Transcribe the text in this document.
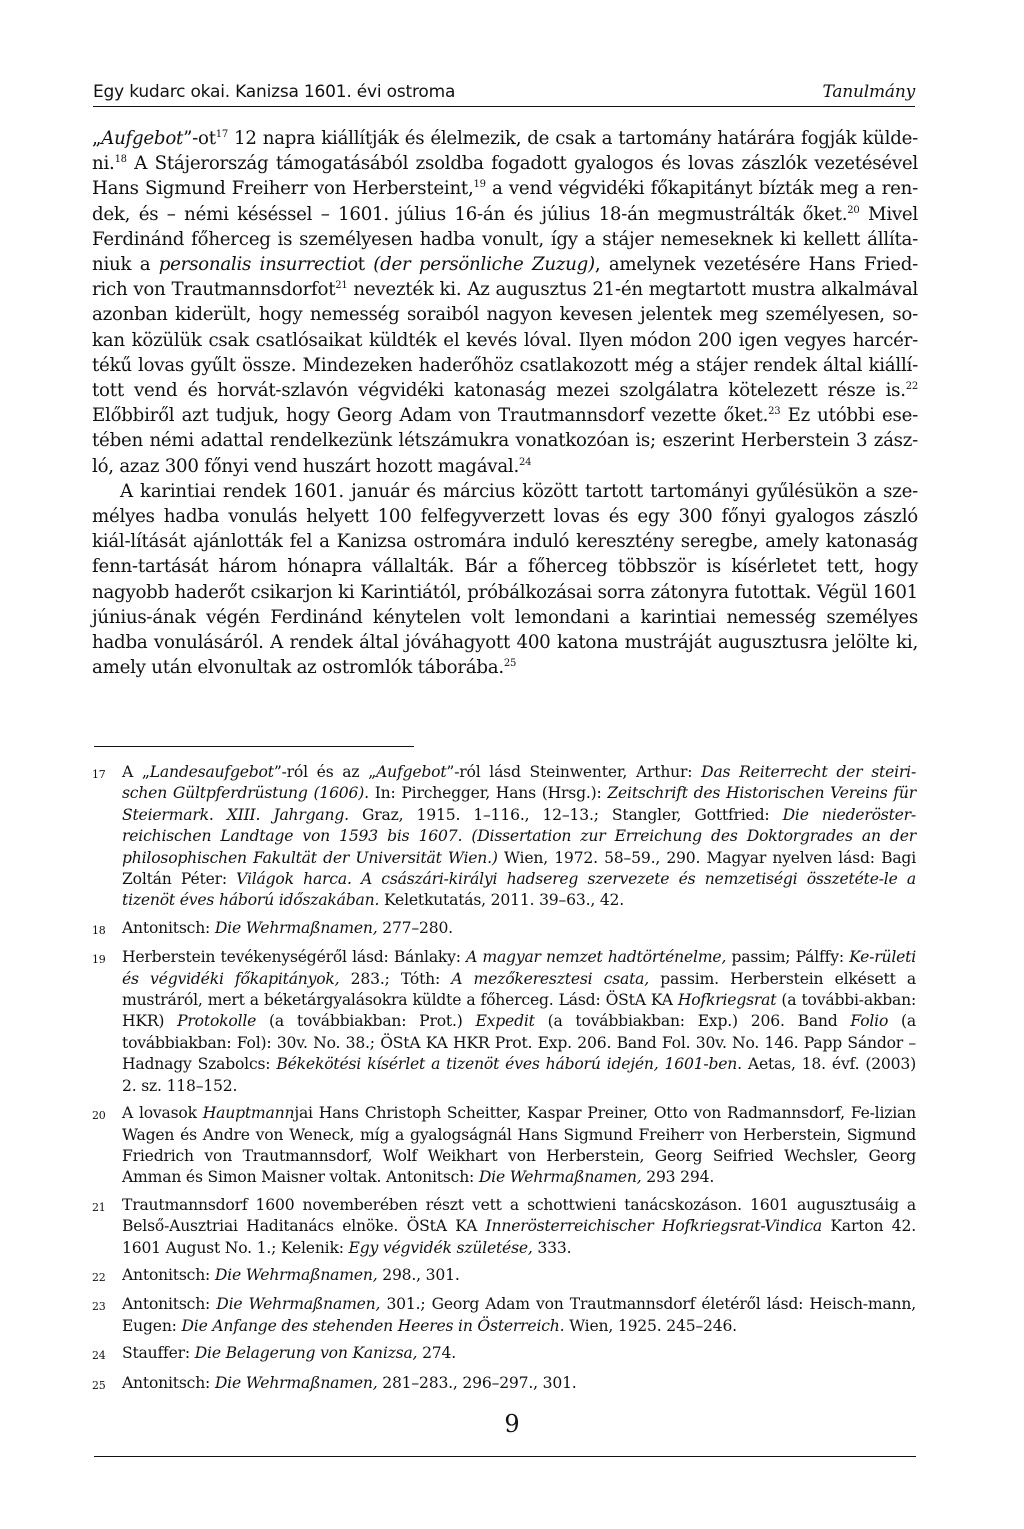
Egy kudarc okai. Kanizsa 1601. évi ostroma	Tanulmány

$„Aufgebot”-ot^{17}$ 12 napra kiállítják és élelmezik, de csak a tartomány határára fogják külde-ni.$^{18}$ A Stájerország támogatásából zsoldba fogadott gyalogos és lovas zászlók vezetésével Hans Sigmund Freiherr von Herbersteint,$^{19}$ a vend végvidéki főkapitányt bízták meg a ren-dek, és – némi késéssel – 1601. július 16-án és július 18-án megmustrálták őket.$^{20}$ Mivel Ferdinánd főherceg is személyesen hadba vonult, így a stájer nemeseknek ki kellett állíta-niuk a personalis insurrectiot (der persönliche Zuzug), amelynek vezetésére Hans Fried-rich von Trautmannsdorfot$^{21}$ nevezték ki. Az augusztus 21-én megtartott mustra alkalmával azonban kiderült, hogy nemesség soraiból nagyon kevesen jelentek meg személyesen, so-kan közülük csak csatlósaikat küldték el kevés lóval. Ilyen módon 200 igen vegyes harcér-tékű lovas gyűlt össze. Mindezeken haderőhöz csatlakozott még a stájer rendek által kiállí-tott vend és horvát-szlavón végvidéki katonaság mezei szolgálatra kötelezett része is.$^{22}$ Előbbiről azt tudjuk, hogy Georg Adam von Trautmannsdorf vezette őket.$^{23}$ Ez utóbbi ese-tében némi adattal rendelkezünk létszámukra vonatkozóan is; eszerint Herberstein 3 zász-ló, azaz 300 főnyi vend huszárt hozott magával.$^{24}$

A karintiai rendek 1601. január és március között tartott tartományi gyűlésükön a sze-mélyes hadba vonulás helyett 100 felfegyverzett lovas és egy 300 főnyi gyalogos zászló kiál-lítását ajánlották fel a Kanizsa ostromára induló keresztény seregbe, amely katonaság fenn-tartását három hónapra vállalták. Bár a főherceg többször is kísérletet tett, hogy nagyobb haderőt csikarjon ki Karintiától, próbálkozásai sorra zátonyra futottak. Végül 1601 június-ának végén Ferdinánd kénytelen volt lemondani a karintiai nemesség személyes hadba vonulásáról. A rendek által jóváhagyott 400 katona mustráját augusztusra jelölte ki, amely után elvonultak az ostromlók táborába.$^{25}$

17	A „Landesaufgebot”-ról és az „Aufgebot”-ról lásd Steinwenter, Arthur: Das Reiterrecht der steiri-schen Gültpferdrüstung (1606). In: Pirchegger, Hans (Hrsg.): Zeitschrift des Historischen Vereins für Steiermark. XIII. Jahrgang. Graz, 1915. 1–116., 12–13.; Stangler, Gottfried: Die niederöster-reichischen Landtage von 1593 bis 1607. (Dissertation zur Erreichung des Doktorgrades an der philosophischen Fakultät der Universität Wien.) Wien, 1972. 58–59., 290. Magyar nyelven lásd: Bagi Zoltán Péter: Világok harca. A császári-királyi hadsereg szervezete és nemzetiségi összetéte-le a tizenöt éves háború időszakában. Keletkutatás, 2011. 39–63., 42.
18	Antonitsch: Die Wehrmaßnamen, 277–280.
19	Herberstein tevékenységéről lásd: Bánlaky: A magyar nemzet hadtörténelme, passim; Pálffy: Ke-rületi és végvidéki főkapitányok, 283.; Tóth: A mezőkeresztesi csata, passim. Herberstein elkésett a mustráról, mert a béketárgyalásokra küldte a főherceg. Lásd: ÖStA KA Hofkriegsrat (a további-akban: HKR) Protokolle (a továbbiakban: Prot.) Expedit (a továbbiakban: Exp.) 206. Band Folio (a továbbiakban: Fol): 30v. No. 38.; ÖStA KA HKR Prot. Exp. 206. Band Fol. 30v. No. 146. Papp Sándor – Hadnagy Szabolcs: Békekötési kísérlet a tizenöt éves háború idején, 1601-ben. Aetas, 18. évf. (2003) 2. sz. 118–152.
20	A lovasok Hauptmannjai Hans Christoph Scheitter, Kaspar Preiner, Otto von Radmannsdorf, Fe-lizian Wagen és Andre von Weneck, míg a gyalogságnál Hans Sigmund Freiherr von Herberstein, Sigmund Friedrich von Trautmannsdorf, Wolf Weikhart von Herberstein, Georg Seifried Wechsler, Georg Amman és Simon Maisner voltak. Antonitsch: Die Wehrmaßnamen, 293 294.
21	Trautmannsdorf 1600 novemberében részt vett a schottwieni tanácskozáson. 1601 augusztusáig a Belső-Ausztriai Haditanács elnöke. ÖStA KA Innerösterreichischer Hofkriegsrat-Vindica Karton 42. 1601 August No. 1.; Kelenik: Egy végvidék születése, 333.
22	Antonitsch: Die Wehrmaßnamen, 298., 301.
23	Antonitsch: Die Wehrmaßnamen, 301.; Georg Adam von Trautmannsdorf életéről lásd: Heisch-mann, Eugen: Die Anfange des stehenden Heeres in Österreich. Wien, 1925. 245–246.
24	Stauffer: Die Belagerung von Kanizsa, 274.
25	Antonitsch: Die Wehrmaßnamen, 281–283., 296–297., 301.
9
